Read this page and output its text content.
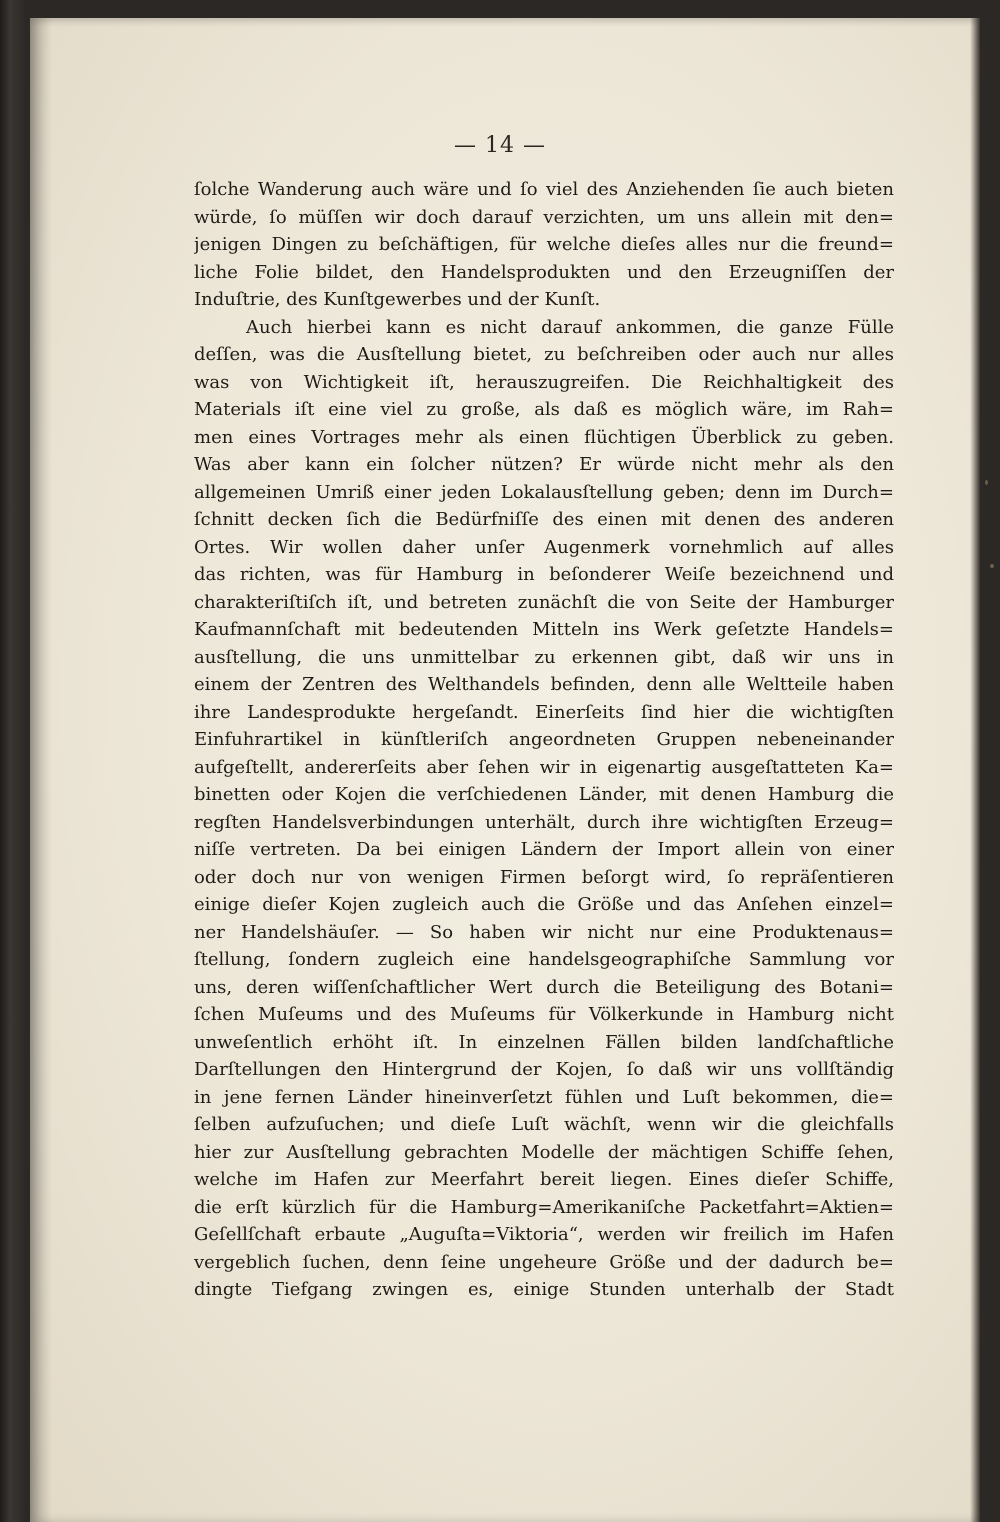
— 14 —
ſolche Wanderung auch wäre und ſo viel des Anziehenden ſie auch bieten
würde, ſo müſſen wir doch darauf verzichten, um uns allein mit den=
jenigen Dingen zu beſchäftigen, für welche dieſes alles nur die freund=
liche Folie bildet, den Handelsprodukten und den Erzeugniſſen der
Induſtrie, des Kunſtgewerbes und der Kunſt.
Auch hierbei kann es nicht darauf ankommen, die ganze Fülle
deſſen, was die Ausſtellung bietet, zu beſchreiben oder auch nur alles
was von Wichtigkeit iſt, herauszugreifen. Die Reichhaltigkeit des
Materials iſt eine viel zu große, als daß es möglich wäre, im Rah=
men eines Vortrages mehr als einen flüchtigen Überblick zu geben.
Was aber kann ein ſolcher nützen? Er würde nicht mehr als den
allgemeinen Umriß einer jeden Lokalausſtellung geben; denn im Durch=
ſchnitt decken ſich die Bedürfniſſe des einen mit denen des anderen
Ortes. Wir wollen daher unſer Augenmerk vornehmlich auf alles
das richten, was für Hamburg in beſonderer Weiſe bezeichnend und
charakteriſtiſch iſt, und betreten zunächſt die von Seite der Hamburger
Kaufmannſchaft mit bedeutenden Mitteln ins Werk geſetzte Handels=
ausſtellung, die uns unmittelbar zu erkennen gibt, daß wir uns in
einem der Zentren des Welthandels befinden, denn alle Weltteile haben
ihre Landesprodukte hergeſandt. Einerſeits ſind hier die wichtigſten
Einfuhrartikel in künſtleriſch angeordneten Gruppen nebeneinander
aufgeſtellt, andererſeits aber ſehen wir in eigenartig ausgeſtatteten Ka=
binetten oder Kojen die verſchiedenen Länder, mit denen Hamburg die
regſten Handelsverbindungen unterhält, durch ihre wichtigſten Erzeug=
niſſe vertreten. Da bei einigen Ländern der Import allein von einer
oder doch nur von wenigen Firmen beſorgt wird, ſo repräſentieren
einige dieſer Kojen zugleich auch die Größe und das Anſehen einzel=
ner Handelshäuſer. — So haben wir nicht nur eine Produktenaus=
ſtellung, ſondern zugleich eine handelsgeographiſche Sammlung vor
uns, deren wiſſenſchaftlicher Wert durch die Beteiligung des Botani=
ſchen Muſeums und des Muſeums für Völkerkunde in Hamburg nicht
unweſentlich erhöht iſt. In einzelnen Fällen bilden landſchaftliche
Darſtellungen den Hintergrund der Kojen, ſo daß wir uns vollſtändig
in jene fernen Länder hineinverſetzt fühlen und Luſt bekommen, die=
ſelben aufzuſuchen; und dieſe Luſt wächſt, wenn wir die gleichfalls
hier zur Ausſtellung gebrachten Modelle der mächtigen Schiffe ſehen,
welche im Hafen zur Meerfahrt bereit liegen. Eines dieſer Schiffe,
die erſt kürzlich für die Hamburg=Amerikaniſche Packetfahrt=Aktien=
Geſellſchaft erbaute „Auguſta=Viktoria“, werden wir freilich im Hafen
vergeblich ſuchen, denn ſeine ungeheure Größe und der dadurch be=
dingte Tiefgang zwingen es, einige Stunden unterhalb der Stadt
